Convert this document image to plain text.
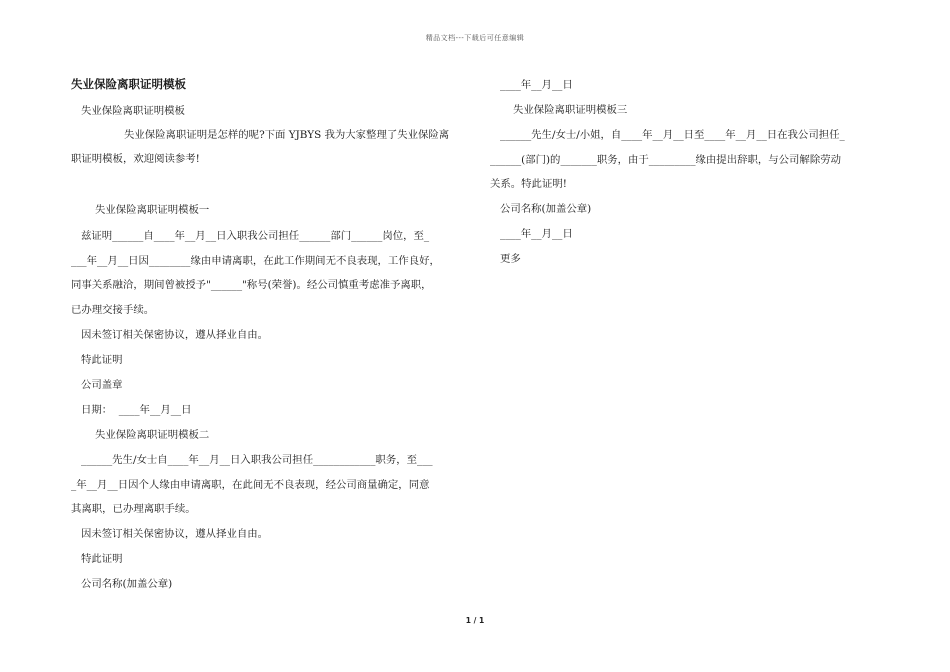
精品文档---下载后可任意编辑
失业保险离职证明模板

失业保险离职证明模板

失业保险离职证明是怎样的呢?下面 YJBYS 我为大家整理了失业保险离

职证明模板，欢迎阅读参考!

失业保险离职证明模板一

兹证明______自____年__月__日入职我公司担任______部门______岗位，至_

___年__月__日因________缘由申请离职，在此工作期间无不良表现，工作良好，

同事关系融洽，期间曾被授予"______"称号(荣誉)。经公司慎重考虑准予离职，

已办理交接手续。

因未签订相关保密协议，遵从择业自由。

特此证明

公司盖章

日期：  ____年__月__日

失业保险离职证明模板二

______先生/女士自____年__月__日入职我公司担任____________职务，至___

_年__月__日因个人缘由申请离职，在此间无不良表现，经公司商量确定，同意

其离职，已办理离职手续。

因未签订相关保密协议，遵从择业自由。

特此证明

公司名称(加盖公章)

____年__月__日

失业保险离职证明模板三

______先生/女士/小姐，自____年__月__日至____年__月__日在我公司担任_

______(部门)的_______职务，由于_________缘由提出辞职，与公司解除劳动

关系。特此证明!

公司名称(加盖公章)

____年__月__日

更多

1 / 1
